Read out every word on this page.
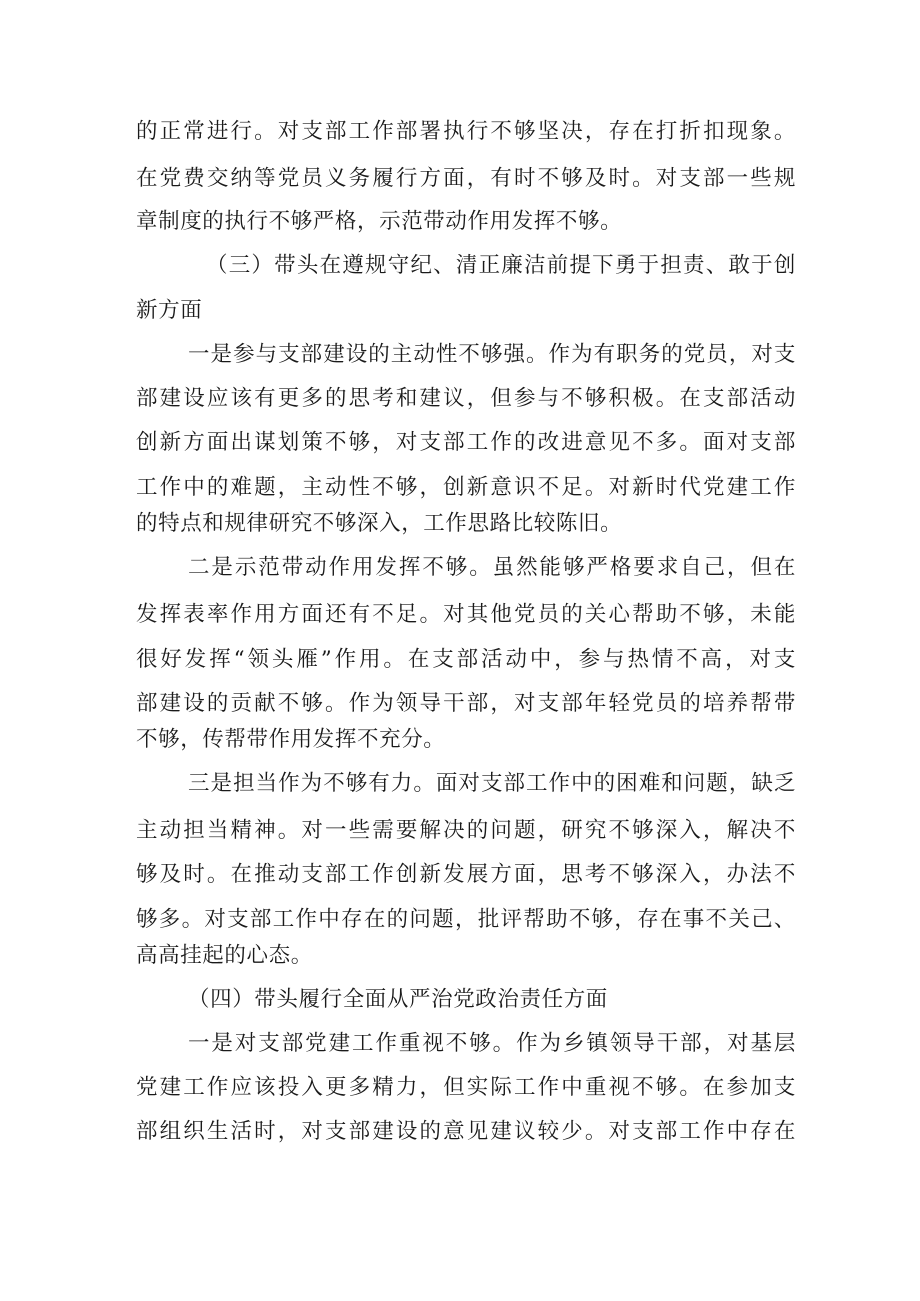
的正常进行。对支部工作部署执行不够坚决，存在打折扣现象。
在党费交纳等党员义务履行方面，有时不够及时。对支部一些规
章制度的执行不够严格，示范带动作用发挥不够。
（三）带头在遵规守纪、清正廉洁前提下勇于担责、敢于创
新方面
一是参与支部建设的主动性不够强。作为有职务的党员，对支
部建设应该有更多的思考和建议，但参与不够积极。在支部活动
创新方面出谋划策不够，对支部工作的改进意见不多。面对支部
工作中的难题，主动性不够，创新意识不足。对新时代党建工作
的特点和规律研究不够深入，工作思路比较陈旧。
二是示范带动作用发挥不够。虽然能够严格要求自己，但在
发挥表率作用方面还有不足。对其他党员的关心帮助不够，未能
很好发挥“领头雁”作用。在支部活动中，参与热情不高，对支
部建设的贡献不够。作为领导干部，对支部年轻党员的培养帮带
不够，传帮带作用发挥不充分。
三是担当作为不够有力。面对支部工作中的困难和问题，缺乏
主动担当精神。对一些需要解决的问题，研究不够深入，解决不
够及时。在推动支部工作创新发展方面，思考不够深入，办法不
够多。对支部工作中存在的问题，批评帮助不够，存在事不关己、
高高挂起的心态。
（四）带头履行全面从严治党政治责任方面
一是对支部党建工作重视不够。作为乡镇领导干部，对基层
党建工作应该投入更多精力，但实际工作中重视不够。在参加支
部组织生活时，对支部建设的意见建议较少。对支部工作中存在
